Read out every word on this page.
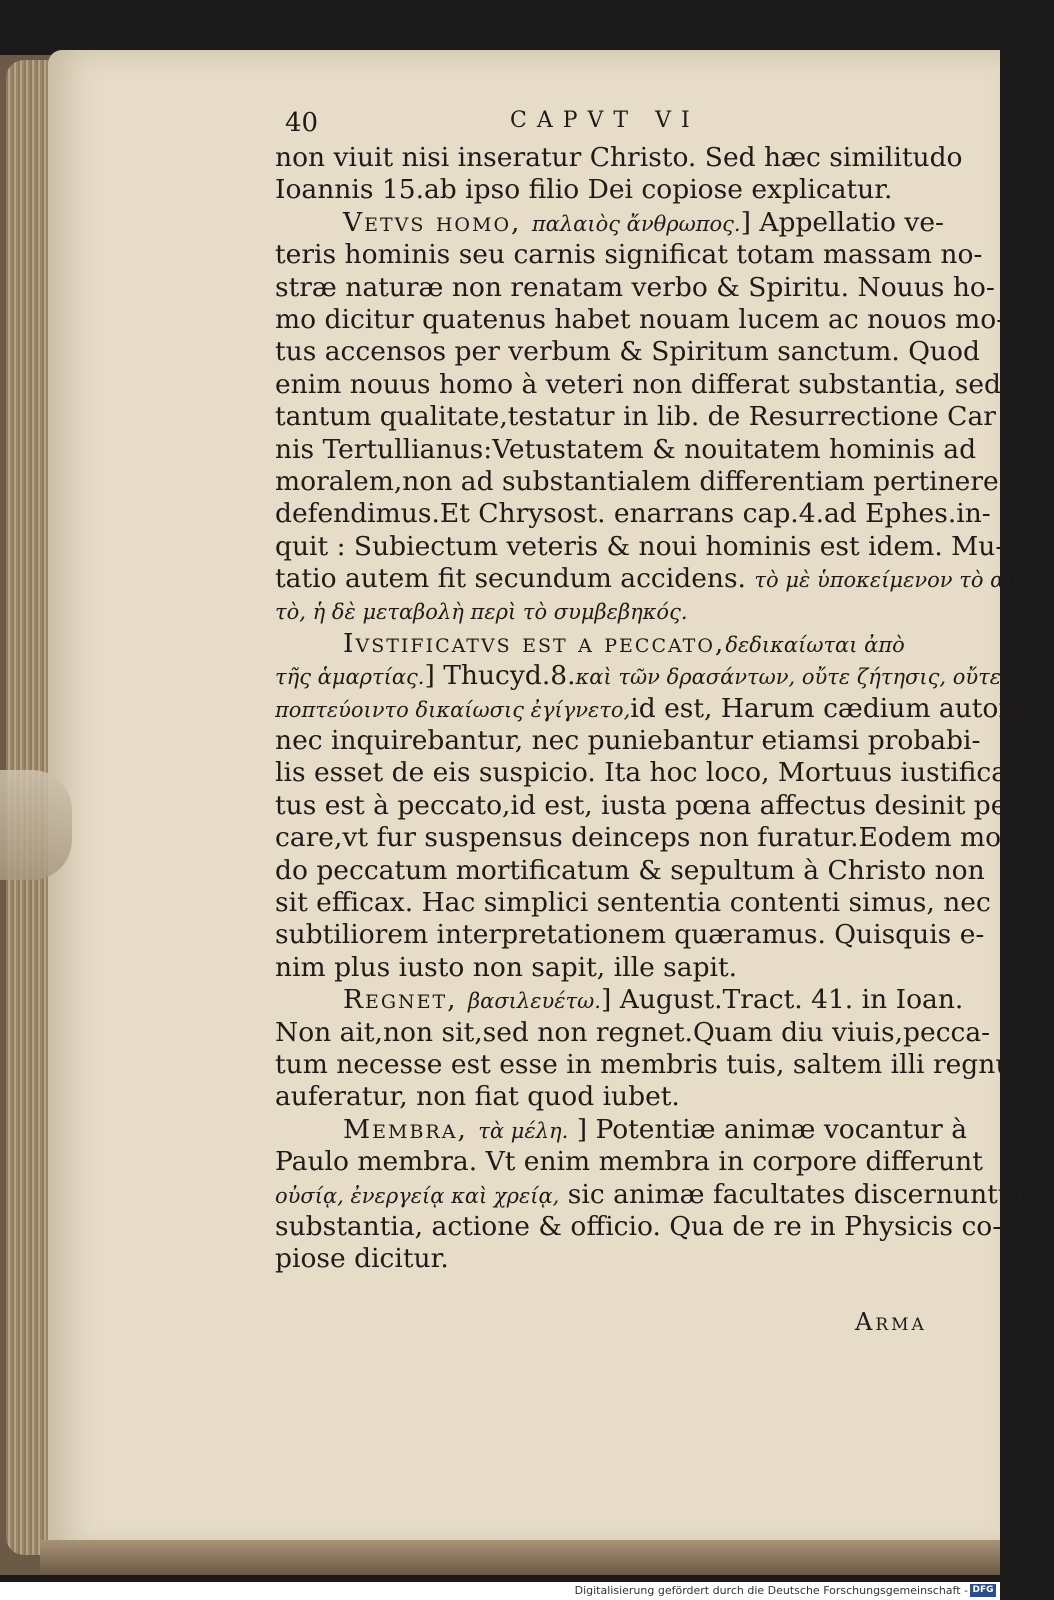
40	CAPVT VI
non viuit nisi inseratur Christo. Sed hæc similitudo
Ioannis 15.ab ipso filio Dei copiose explicatur.
Vetvs homo, παλαιὸς ἄνθρωπος.] Appellatio ve-
teris hominis seu carnis significat totam massam no-
stræ naturæ non renatam verbo & Spiritu. Nouus ho-
mo dicitur quatenus habet nouam lucem ac nouos mo-
tus accensos per verbum & Spiritum sanctum. Quod
enim nouus homo à veteri non differat substantia, sed
tantum qualitate,testatur in lib. de Resurrectione Car
nis Tertullianus:Vetustatem & nouitatem hominis ad
moralem,non ad substantialem differentiam pertinere
defendimus.Et Chrysost. enarrans cap.4.ad Ephes.in-
quit : Subiectum veteris & noui hominis est idem. Mu-
tatio autem fit secundum accidens. τὸ μὲ ὑποκείμενον τὸ αὐ-
τὸ, ἡ δὲ μεταβολὴ περὶ τὸ συμβεβηκός.
Ivstificatvs est a peccato,δεδικαίωται ἀπὸ
τῆς ἁμαρτίας.] Thucyd.8.καὶ τῶν δρασάντων, οὔτε ζήτησις, οὔτε εἰ ὑ-
ποπτεύοιντο δικαίωσις ἐγίγνετο,id est, Harum cædium autores
nec inquirebantur, nec puniebantur etiamsi probabi-
lis esset de eis suspicio. Ita hoc loco, Mortuus iustifica-
tus est à peccato,id est, iusta pœna affectus desinit pec-
care,vt fur suspensus deinceps non furatur.Eodem mo
do peccatum mortificatum & sepultum à Christo non
sit efficax. Hac simplici sententia contenti simus, nec
subtiliorem interpretationem quæramus. Quisquis e-
nim plus iusto non sapit, ille sapit.
Regnet, βασιλευέτω.] August.Tract. 41. in Ioan.
Non ait,non sit,sed non regnet.Quam diu viuis,pecca-
tum necesse est esse in membris tuis, saltem illi regnum
auferatur, non fiat quod iubet.
Membra, τὰ μέλη. ] Potentiæ animæ vocantur à
Paulo membra. Vt enim membra in corpore differunt
οὐσίᾳ, ἐνεργείᾳ καὶ χρείᾳ, sic animæ facultates discernuntur
substantia, actione & officio. Qua de re in Physicis co-
piose dicitur.
Arma
Digitalisierung gefördert durch die Deutsche Forschungsgemeinschaft - DFG
